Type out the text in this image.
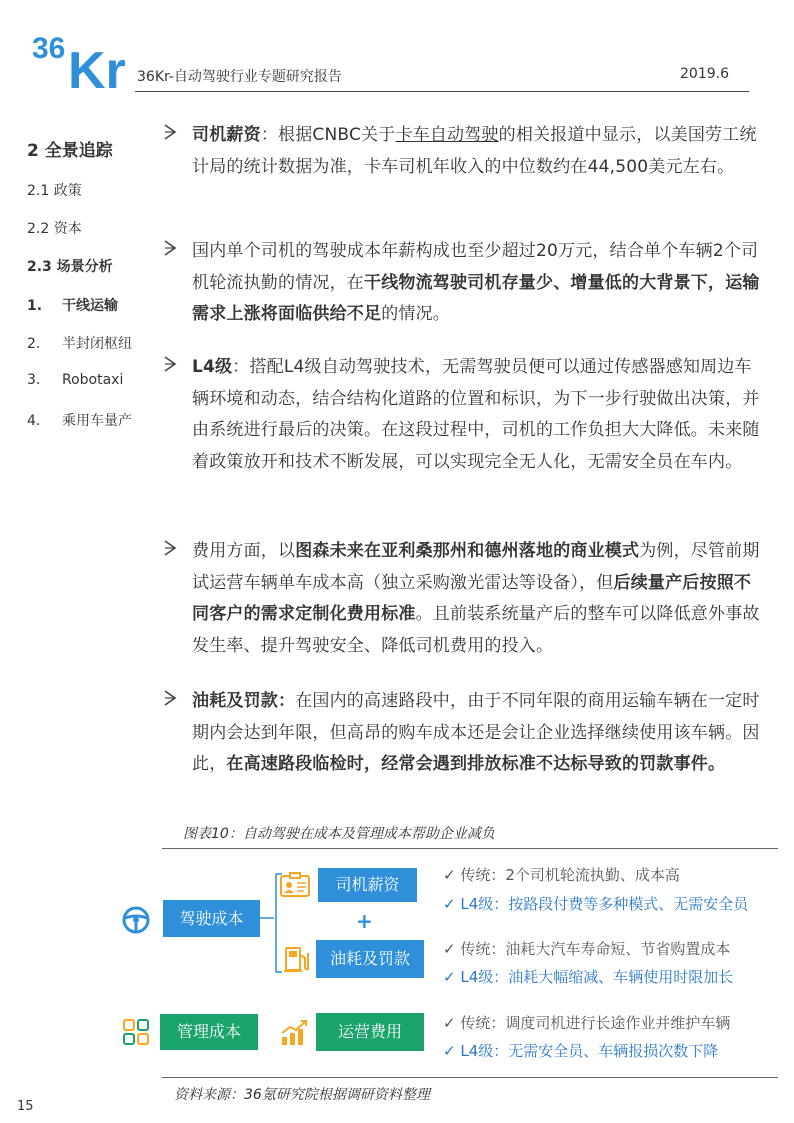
36 Kr 36Kr-自动驾驶行业专题研究报告	2019.6
2 全景追踪
2.1 政策
2.2 资本
2.3 场景分析
1. 干线运输
2. 半封闭枢纽
3. Robotaxi
4. 乘用车量产
司机薪资：根据CNBC关于卡车自动驾驶的相关报道中显示，以美国劳工统计局的统计数据为准，卡车司机年收入的中位数约在44,500美元左右。
国内单个司机的驾驶成本年薪构成也至少超过20万元，结合单个车辆2个司机轮流执勤的情况，在干线物流驾驶司机存量少、增量低的大背景下，运输需求上涨将面临供给不足的情况。
L4级：搭配L4级自动驾驶技术，无需驾驶员便可以通过传感器感知周边车辆环境和动态，结合结构化道路的位置和标识，为下一步行驶做出决策，并由系统进行最后的决策。在这段过程中，司机的工作负担大大降低。未来随着政策放开和技术不断发展，可以实现完全无人化，无需安全员在车内。
费用方面，以图森未来在亚利桑那州和德州落地的商业模式为例，尽管前期试运营车辆单车成本高（独立采购激光雷达等设备），但后续量产后按照不同客户的需求定制化费用标准。且前装系统量产后的整车可以降低意外事故发生率、提升驾驶安全、降低司机费用的投入。
油耗及罚款：在国内的高速路段中，由于不同年限的商用运输车辆在一定时期内会达到年限，但高昂的购车成本还是会让企业选择继续使用该车辆。因此，在高速路段临检时，经常会遇到排放标准不达标导致的罚款事件。
图表10：自动驾驶在成本及管理成本帮助企业减负
驾驶成本
司机薪资
+
油耗及罚款
✓ 传统：2个司机轮流执勤、成本高
✓ L4级：按路段付费等多种模式、无需安全员
✓ 传统：油耗大汽车寿命短、节省购置成本
✓ L4级：油耗大幅缩减、车辆使用时限加长
管理成本	运营费用	✓ 传统：调度司机进行长途作业并维护车辆
✓ L4级：无需安全员、车辆报损次数下降
资料来源：36氪研究院根据调研资料整理
15
